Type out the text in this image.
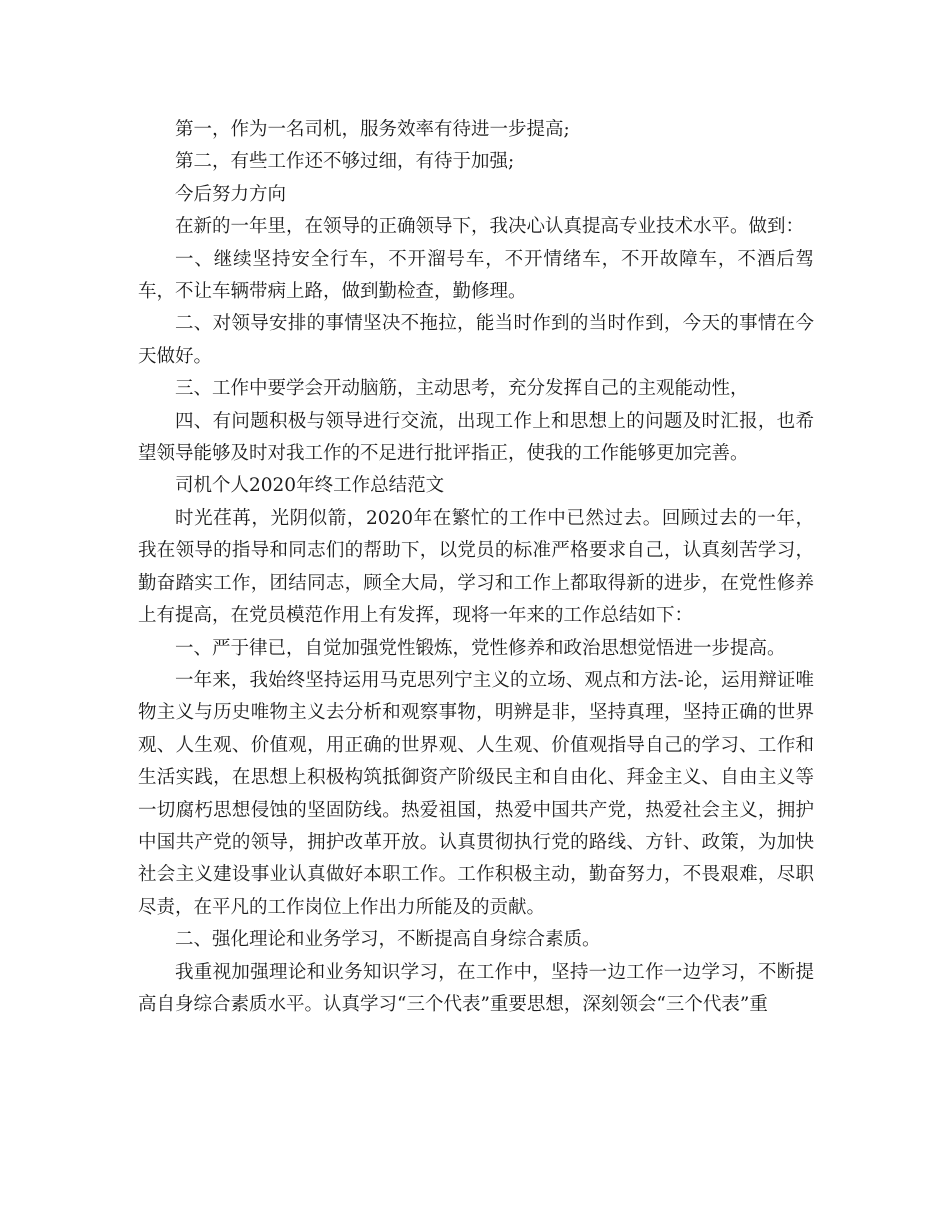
第一，作为一名司机，服务效率有待进一步提高;

第二，有些工作还不够过细，有待于加强;

今后努力方向

在新的一年里，在领导的正确领导下，我决心认真提高专业技术水平。做到：

一、继续坚持安全行车，不开溜号车，不开情绪车，不开故障车，不酒后驾车，不让车辆带病上路，做到勤检查，勤修理。

二、对领导安排的事情坚决不拖拉，能当时作到的当时作到，今天的事情在今天做好。

三、工作中要学会开动脑筋，主动思考，充分发挥自己的主观能动性，

四、有问题积极与领导进行交流，出现工作上和思想上的问题及时汇报，也希望领导能够及时对我工作的不足进行批评指正，使我的工作能够更加完善。

司机个人2020年终工作总结范文

时光荏苒，光阴似箭，2020年在繁忙的工作中已然过去。回顾过去的一年，我在领导的指导和同志们的帮助下，以党员的标准严格要求自己，认真刻苦学习，勤奋踏实工作，团结同志，顾全大局，学习和工作上都取得新的进步，在党性修养上有提高，在党员模范作用上有发挥，现将一年来的工作总结如下：

一、严于律已，自觉加强党性锻炼，党性修养和政治思想觉悟进一步提高。

一年来，我始终坚持运用马克思列宁主义的立场、观点和方法-论，运用辩证唯物主义与历史唯物主义去分析和观察事物，明辨是非，坚持真理，坚持正确的世界观、人生观、价值观，用正确的世界观、人生观、价值观指导自己的学习、工作和生活实践，在思想上积极构筑抵御资产阶级民主和自由化、拜金主义、自由主义等一切腐朽思想侵蚀的坚固防线。热爱祖国，热爱中国共产党，热爱社会主义，拥护中国共产党的领导，拥护改革开放。认真贯彻执行党的路线、方针、政策，为加快社会主义建设事业认真做好本职工作。工作积极主动，勤奋努力，不畏艰难，尽职尽责，在平凡的工作岗位上作出力所能及的贡献。

二、强化理论和业务学习，不断提高自身综合素质。

我重视加强理论和业务知识学习，在工作中，坚持一边工作一边学习，不断提高自身综合素质水平。认真学习“三个代表”重要思想，深刻领会“三个代表”重
